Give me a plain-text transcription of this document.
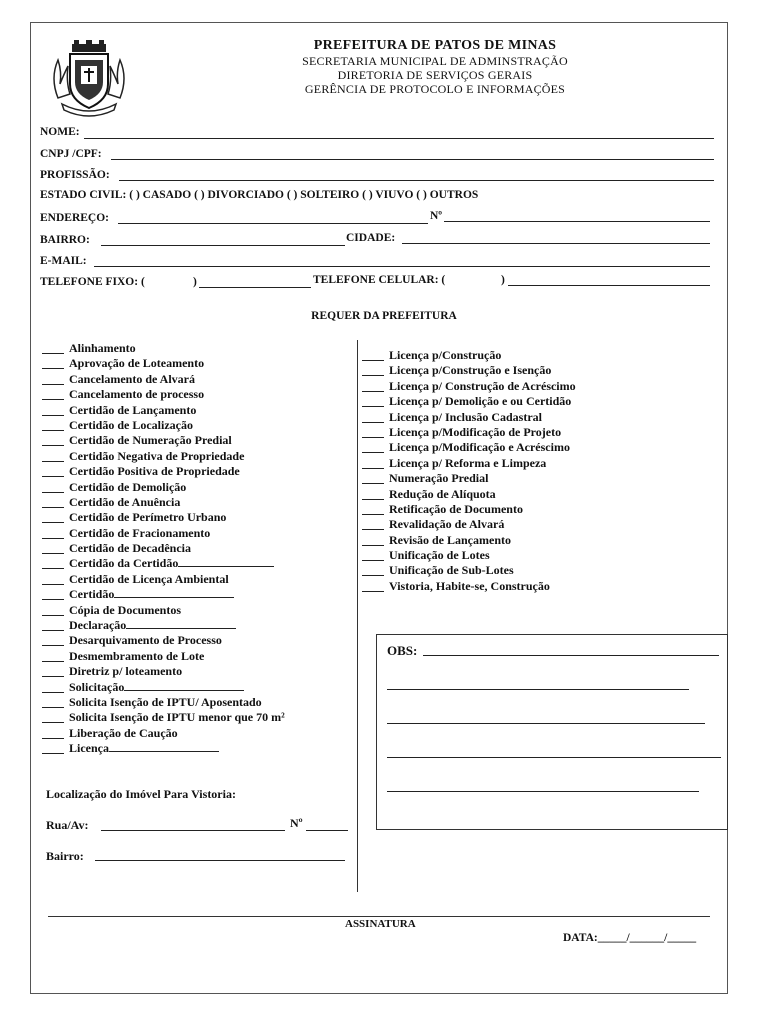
PREFEITURA DE PATOS DE MINAS
SECRETARIA MUNICIPAL DE ADMINSTRAÇÃO
DIRETORIA DE SERVIÇOS GERAIS
GERÊNCIA DE PROTOCOLO E INFORMAÇÕES
NOME:
CNPJ /CPF:
PROFISSÃO:
ESTADO CIVIL: ( ) CASADO ( ) DIVORCIADO ( ) SOLTEIRO ( ) VIUVO ( ) OUTROS
ENDEREÇO:	Nº
BAIRRO:	CIDADE:
E-MAIL:
TELEFONE FIXO: (	)	TELEFONE CELULAR: (	)
REQUER DA PREFEITURA
Alinhamento
Aprovação de Loteamento
Cancelamento de Alvará
Cancelamento de processo
Certidão de Lançamento
Certidão de Localização
Certidão de Numeração Predial
Certidão Negativa de Propriedade
Certidão Positiva de Propriedade
Certidão de Demolição
Certidão de Anuência
Certidão de Perímetro Urbano
Certidão de Fracionamento
Certidão de Decadência
Certidão da Certidão
Certidão de Licença Ambiental
Certidão
Cópia de Documentos
Declaração
Desarquivamento de Processo
Desmembramento de Lote
Diretriz p/ loteamento
Solicitação
Solicita Isenção de IPTU/ Aposentado
Solicita Isenção de IPTU menor que 70 m²
Liberação de Caução
Licença
Licença p/Construção
Licença p/Construção e Isenção
Licença p/ Construção de Acréscimo
Licença p/ Demolição e ou Certidão
Licença p/ Inclusão Cadastral
Licença p/Modificação de Projeto
Licença p/Modificação e Acréscimo
Licença p/ Reforma e Limpeza
Numeração Predial
Redução de Alíquota
Retificação de Documento
Revalidação de Alvará
Revisão de Lançamento
Unificação de Lotes
Unificação de Sub-Lotes
Vistoria, Habite-se, Construção
OBS:
Localização do Imóvel Para Vistoria:
Rua/Av:	Nº
Bairro:
ASSINATURA
DATA:_____/______/_____
